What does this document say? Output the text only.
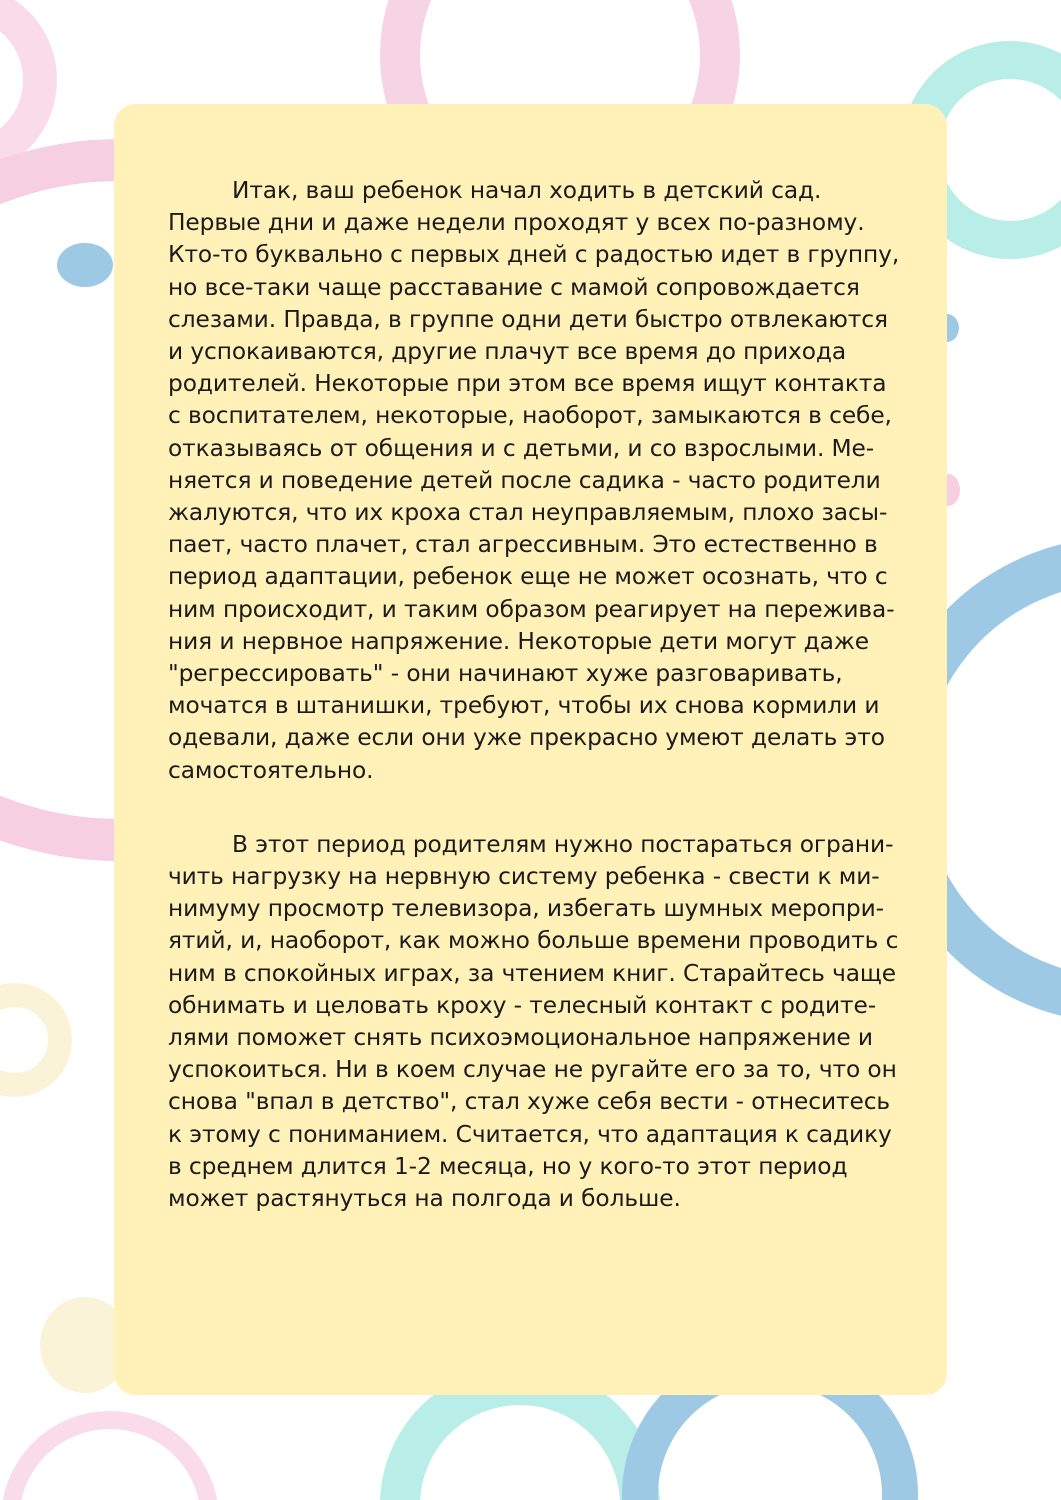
Итак, ваш ребенок начал ходить в детский сад.
Первые дни и даже недели проходят у всех по-разному.
Кто-то буквально с первых дней с радостью идет в группу,
но все-таки чаще расставание с мамой сопровождается
слезами. Правда, в группе одни дети быстро отвлекаются
и успокаиваются, другие плачут все время до прихода
родителей. Некоторые при этом все время ищут контакта
с воспитателем, некоторые, наоборот, замыкаются в себе,
отказываясь от общения и с детьми, и со взрослыми. Ме-
няется и поведение детей после садика - часто родители
жалуются, что их кроха стал неуправляемым, плохо засы-
пает, часто плачет, стал агрессивным. Это естественно в
период адаптации, ребенок еще не может осознать, что с
ним происходит, и таким образом реагирует на пережива-
ния и нервное напряжение. Некоторые дети могут даже
"регрессировать" - они начинают хуже разговаривать,
мочатся в штанишки, требуют, чтобы их снова кормили и
одевали, даже если они уже прекрасно умеют делать это
самостоятельно.
В этот период родителям нужно постараться ограни-
чить нагрузку на нервную систему ребенка - свести к ми-
нимуму просмотр телевизора, избегать шумных меропри-
ятий, и, наоборот, как можно больше времени проводить с
ним в спокойных играх, за чтением книг. Старайтесь чаще
обнимать и целовать кроху - телесный контакт с родите-
лями поможет снять психоэмоциональное напряжение и
успокоиться. Ни в коем случае не ругайте его за то, что он
снова "впал в детство", стал хуже себя вести - отнеситесь
к этому с пониманием. Считается, что адаптация к садику
в среднем длится 1-2 месяца, но у кого-то этот период
может растянуться на полгода и больше.
